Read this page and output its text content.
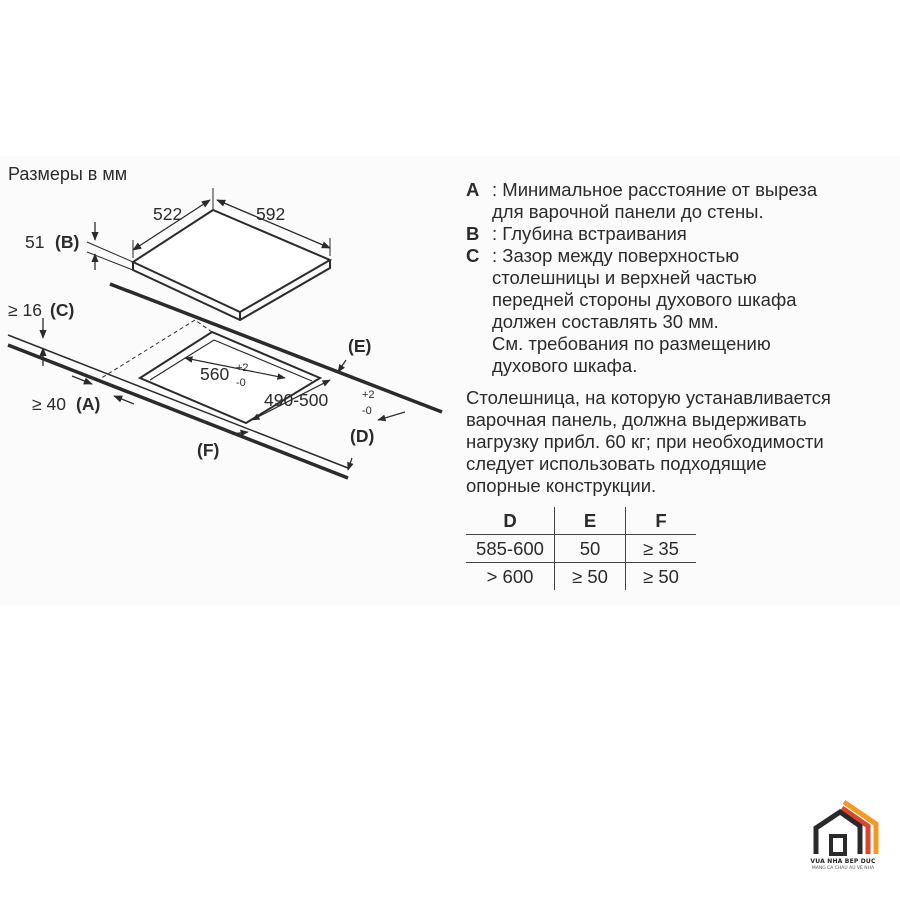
Размеры в мм
522	592
51 (B)
560 +2
-0
490-500	+2
-0
≥ 16 (C)
≥ 40 (A)
(E)
(D)
(F)
A : Минимальное расстояние от выреза
для варочной панели до стены.
B : Глубина встраивания
C : Зазор между поверхностью
столешницы и верхней частью
передней стороны духового шкафа
должен составлять 30 мм.
См. требования по размещению
духового шкафа.
Столешница, на которую устанавливается
варочная панель, должна выдерживать
нагрузку прибл. 60 кг; при необходимости
следует использовать подходящие
опорные конструкции.
D	E	F
585-600	50	≥ 35
> 600	≥ 50	≥ 50
VUA NHA BEP DUC
MANG CA CHAU AU VE NHA
